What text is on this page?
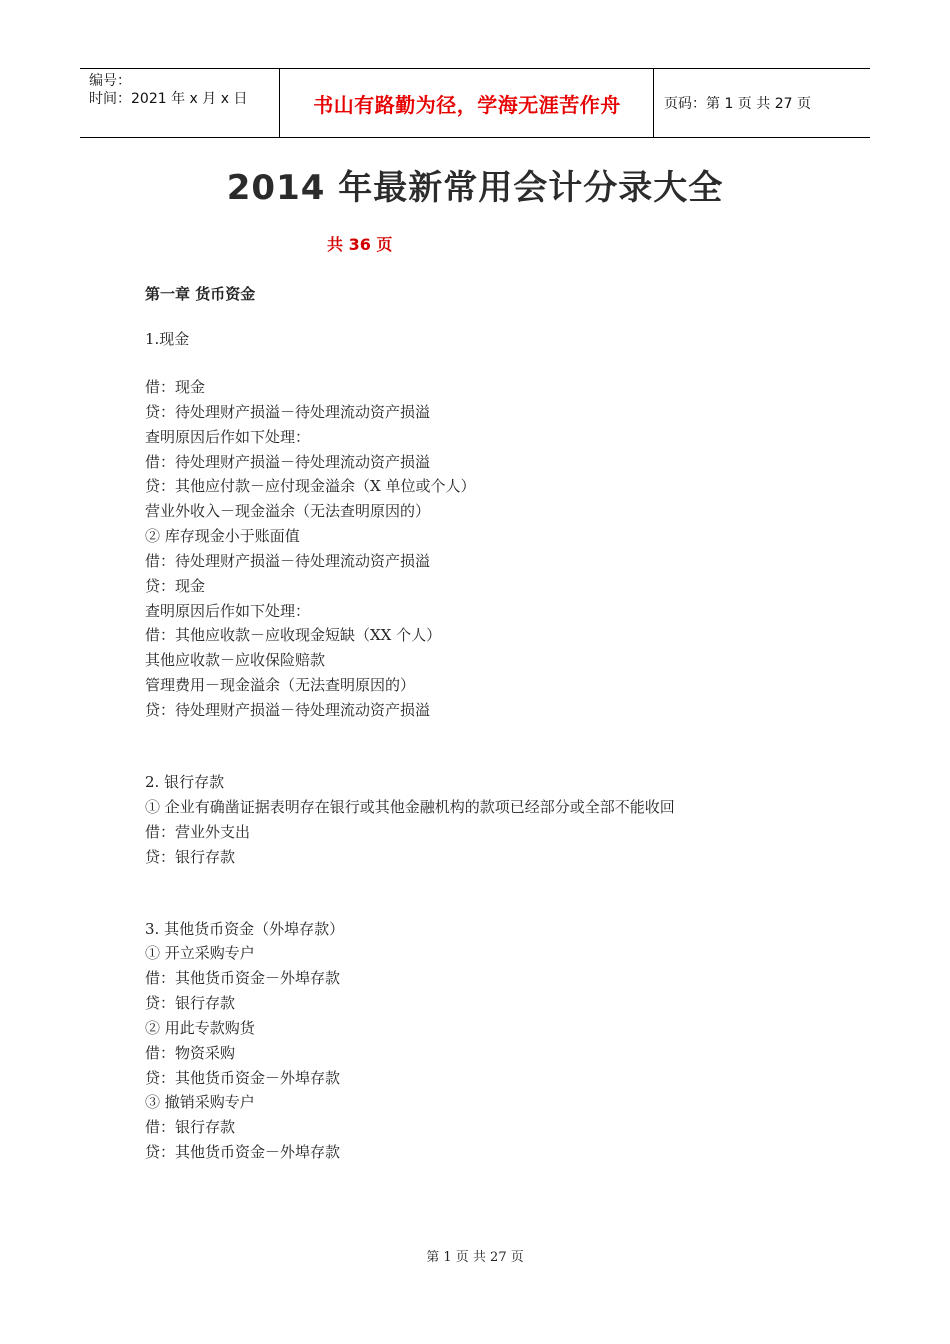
编号：
时间：2021 年 x 月 x 日	书山有路勤为径，学海无涯苦作舟	页码：第 1 页 共 27 页
2014 年最新常用会计分录大全
共 36 页
第一章 货币资金
1.现金
借：现金
贷：待处理财产损溢－待处理流动资产损溢
查明原因后作如下处理：
借：待处理财产损溢－待处理流动资产损溢
贷：其他应付款－应付现金溢余（X 单位或个人）
营业外收入－现金溢余（无法查明原因的）
② 库存现金小于账面值
借：待处理财产损溢－待处理流动资产损溢
贷：现金
查明原因后作如下处理：
借：其他应收款－应收现金短缺（XX 个人）
其他应收款－应收保险赔款
管理费用－现金溢余（无法查明原因的）
贷：待处理财产损溢－待处理流动资产损溢
2. 银行存款
① 企业有确凿证据表明存在银行或其他金融机构的款项已经部分或全部不能收回
借：营业外支出
贷：银行存款
3. 其他货币资金（外埠存款）
① 开立采购专户
借：其他货币资金－外埠存款
贷：银行存款
② 用此专款购货
借：物资采购
贷：其他货币资金－外埠存款
③ 撤销采购专户
借：银行存款
贷：其他货币资金－外埠存款
第 1 页 共 27 页
